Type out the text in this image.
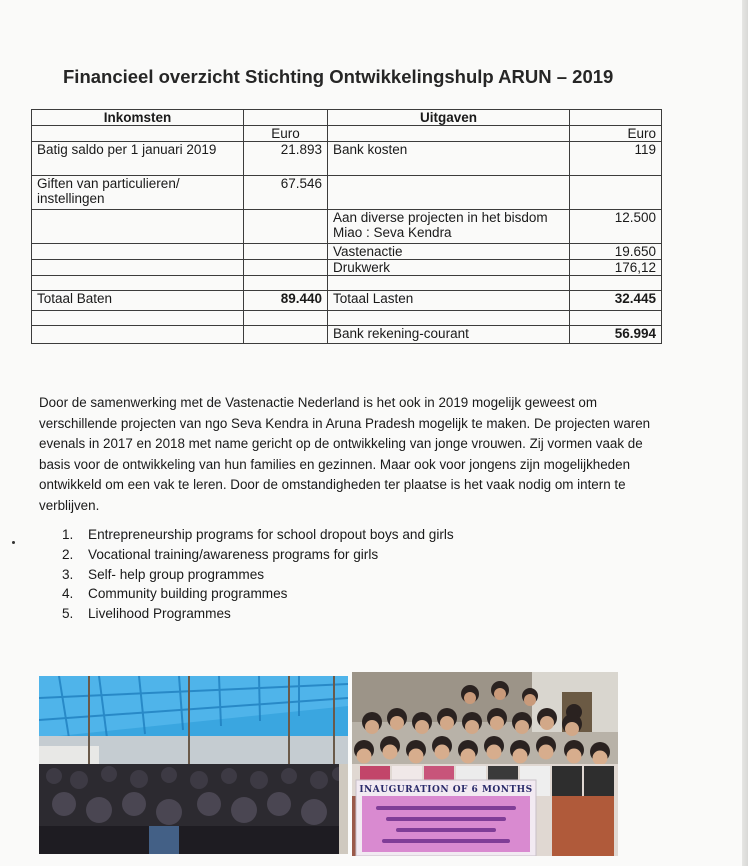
Financieel overzicht Stichting Ontwikkelingshulp ARUN – 2019
Inkomsten		Uitgaven	
	Euro		Euro
Batig saldo per 1 januari 2019	21.893	Bank kosten	119
Giften van particulieren/ instellingen	67.546		
		Aan diverse projecten in het bisdom Miao : Seva Kendra	12.500
		Vastenactie	19.650
		Drukwerk	176,12

Totaal Baten	89.440	Totaal Lasten	32.445

		Bank rekening-courant	56.994

Door de samenwerking met de Vastenactie Nederland is het ook in 2019 mogelijk geweest om verschillende projecten van ngo Seva Kendra in Aruna Pradesh mogelijk te maken. De projecten waren evenals in 2017 en 2018 met name gericht op de ontwikkeling van jonge vrouwen. Zij vormen vaak de basis voor de ontwikkeling van hun families en gezinnen. Maar ook voor jongens zijn mogelijkheden ontwikkeld om een vak te leren. Door de omstandigheden ter plaatse is het vaak nodig om intern te verblijven.

1.	Entrepreneurship programs for school dropout boys and girls
2.	Vocational training/awareness programs for girls
3.	Self- help group programmes
4.	Community building programmes
5.	Livelihood Programmes
INAUGURATION OF 6 MONTHS
